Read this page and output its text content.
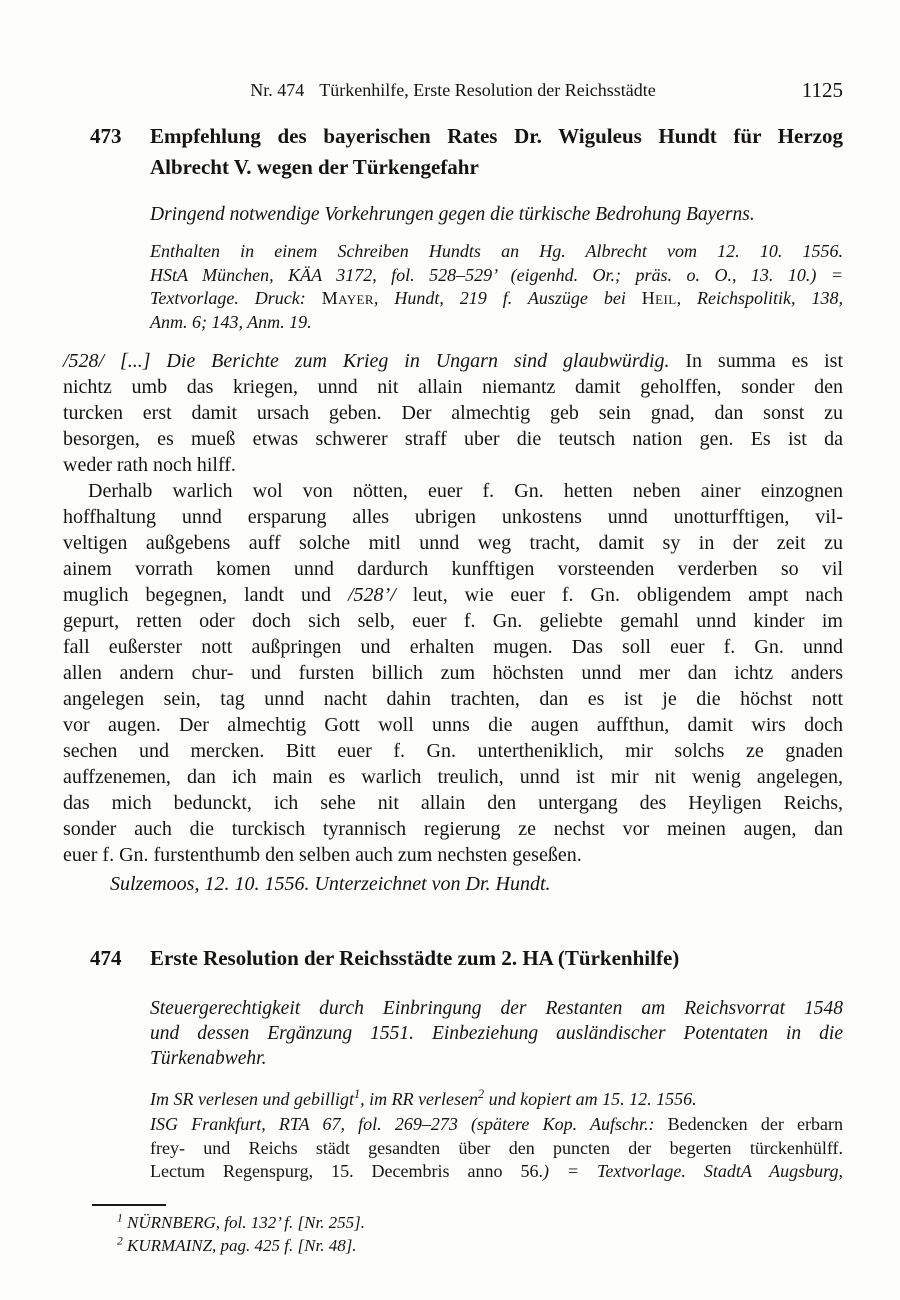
Nr. 474 Türkenhilfe, Erste Resolution der Reichsstädte	1125
473	Empfehlung des bayerischen Rates Dr. Wiguleus Hundt für Herzog
Albrecht V. wegen der Türkengefahr
Dringend notwendige Vorkehrungen gegen die türkische Bedrohung Bayerns.
Enthalten in einem Schreiben Hundts an Hg. Albrecht vom 12. 10. 1556.
HStA München, KÄA 3172, fol. 528–529’ (eigenhd. Or.; präs. o. O., 13. 10.) =
Textvorlage. Druck: Mayer, Hundt, 219 f. Auszüge bei Heil, Reichspolitik, 138,
Anm. 6; 143, Anm. 19.
/528/ [...] Die Berichte zum Krieg in Ungarn sind glaubwürdig. In summa es ist
nichtz umb das kriegen, unnd nit allain niemantz damit geholffen, sonder den
turcken erst damit ursach geben. Der almechtig geb sein gnad, dan sonst zu
besorgen, es mueß etwas schwerer straff uber die teutsch nation gen. Es ist da
weder rath noch hilff.
Derhalb warlich wol von nötten, euer f. Gn. hetten neben ainer einzognen
hoffhaltung unnd ersparung alles ubrigen unkostens unnd unotturfftigen, vil-
veltigen außgebens auff solche mitl unnd weg tracht, damit sy in der zeit zu
ainem vorrath komen unnd dardurch kunfftigen vorsteenden verderben so vil
muglich begegnen, landt und /528’/ leut, wie euer f. Gn. obligendem ampt nach
gepurt, retten oder doch sich selb, euer f. Gn. geliebte gemahl unnd kinder im
fall eußerster nott außpringen und erhalten mugen. Das soll euer f. Gn. unnd
allen andern chur- und fursten billich zum höchsten unnd mer dan ichtz anders
angelegen sein, tag unnd nacht dahin trachten, dan es ist je die höchst nott
vor augen. Der almechtig Gott woll unns die augen auffthun, damit wirs doch
sechen und mercken. Bitt euer f. Gn. untertheniklich, mir solchs ze gnaden
auffzenemen, dan ich main es warlich treulich, unnd ist mir nit wenig angelegen,
das mich bedunckt, ich sehe nit allain den untergang des Heyligen Reichs,
sonder auch die turckisch tyrannisch regierung ze nechst vor meinen augen, dan
euer f. Gn. furstenthumb den selben auch zum nechsten geseßen.
Sulzemoos, 12. 10. 1556. Unterzeichnet von Dr. Hundt.
474	Erste Resolution der Reichsstädte zum 2. HA (Türkenhilfe)
Steuergerechtigkeit durch Einbringung der Restanten am Reichsvorrat 1548
und dessen Ergänzung 1551. Einbeziehung ausländischer Potentaten in die
Türkenabwehr.
Im SR verlesen und gebilligt$^1$, im RR verlesen$^2$ und kopiert am 15. 12. 1556.
ISG Frankfurt, RTA 67, fol. 269–273 (spätere Kop. Aufschr.: Bedencken der erbarn
frey- und Reichs städt gesandten über den puncten der begerten türckenhülff.
Lectum Regenspurg, 15. Decembris anno 56.) = Textvorlage. StadtA Augsburg,
$^1$ NÜRNBERG, fol. 132’ f. [Nr. 255].
$^2$ KURMAINZ, pag. 425 f. [Nr. 48].
